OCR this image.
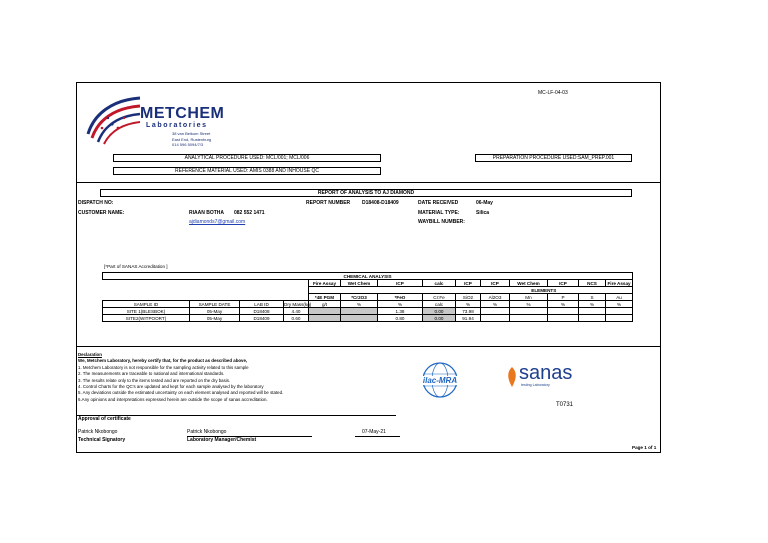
MC-LF-04-03
METCHEM
Laboratories
38 van Belkom Street
East End, Rustenburg
014 596 5094/7/3
ANALYTICAL PROCEDURE USED: MCL/001; MCL/006	PREPARATION PROCEDURE USED:SAM_PREP.001
REFERENCE MATERIAL USED: AMIS 0388 AND INHOUSE QC
REPORT OF ANALYSIS TO AJ DIAMOND
DISPATCH NO:
CUSTOMER NAME:	RIAAN BOTHA 082 552 1471
ajdiamonds7@gmail.com
REPORT NUMBER D18408-D18409	DATE RECEIVED	06-May
MATERIAL TYPE:	Silica
WAYBILL NUMBER:
[*Part of SANAS Accreditation ]
CHEMICAL ANALYSIS													
				Fire Assay	Wet Chem	ICP	calc	ICP	ICP	Wet Chem	ICP	NCS	Fire Assay
								ELEMENTS					
				*4E PGM	*Cr2O3	*FeO	Cr:Fe	SiO2	Al2O3	Mn	P	S	Au
SAMPLE ID	SAMPLE DATE	LAB ID	Dry Mass(kg)	g/t	%	%	calc	%	%	%	%	%	%
SITE 1(BLESBOK)	05-May	D18408	4.40			1.38	0.00	73.98					
SITE2(WITPOORT)	05-May	D18409	0.60			0.80	0.00	91.94					
Declaration
We, Metchem Laboratory, hereby certify that, for the product as described above,
1. Metchem Laboratory is not responsible for the sampling activity related to this sample
2. The measurements are traceable to national and international standards.
3. The results relate only to the items tested and are reported on the dry basis.
4. Control Charts for the QC's are updated and kept for each sample analysed by the laboratory
5. Any deviations outside the estimated uncertainty on each element analysed and reported will be stated.
6.Any opinions and interpretations expressed herein are outside the scope of sanas accreditation.
ilac-MRA	sanas
testing Laboratory
T0731
Approval of certificate
Patrick Nkobongo
Technical Signatory
Patrick Nkobongo
Laboratory Manager/Chemist
07-May-21
Page 1 of 1
